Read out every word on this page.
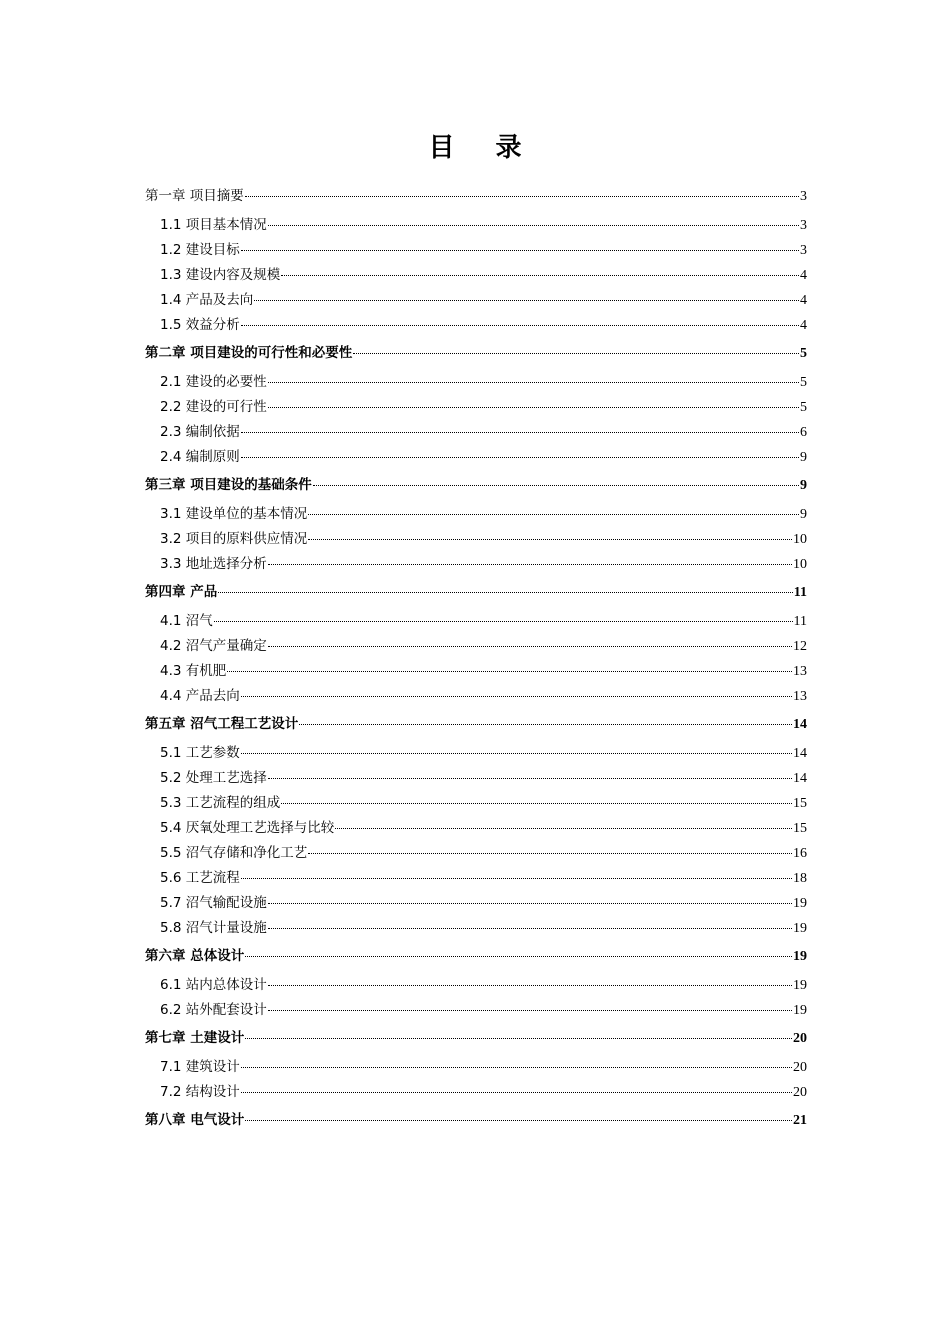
目 录
第一章 项目摘要	3
1.1 项目基本情况	3
1.2 建设目标	3
1.3 建设内容及规模	4
1.4 产品及去向	4
1.5 效益分析	4
第二章 项目建设的可行性和必要性	5
2.1 建设的必要性	5
2.2 建设的可行性	5
2.3 编制依据	6
2.4 编制原则	9
第三章 项目建设的基础条件	9
3.1 建设单位的基本情况	9
3.2 项目的原料供应情况	10
3.3 地址选择分析	10
第四章 产品	11
4.1 沼气	11
4.2 沼气产量确定	12
4.3 有机肥	13
4.4 产品去向	13
第五章 沼气工程工艺设计	14
5.1 工艺参数	14
5.2 处理工艺选择	14
5.3 工艺流程的组成	15
5.4 厌氧处理工艺选择与比较	15
5.5 沼气存储和净化工艺	16
5.6 工艺流程	18
5.7 沼气输配设施	19
5.8 沼气计量设施	19
第六章 总体设计	19
6.1 站内总体设计	19
6.2 站外配套设计	19
第七章 土建设计	20
7.1 建筑设计	20
7.2 结构设计	20
第八章 电气设计	21
